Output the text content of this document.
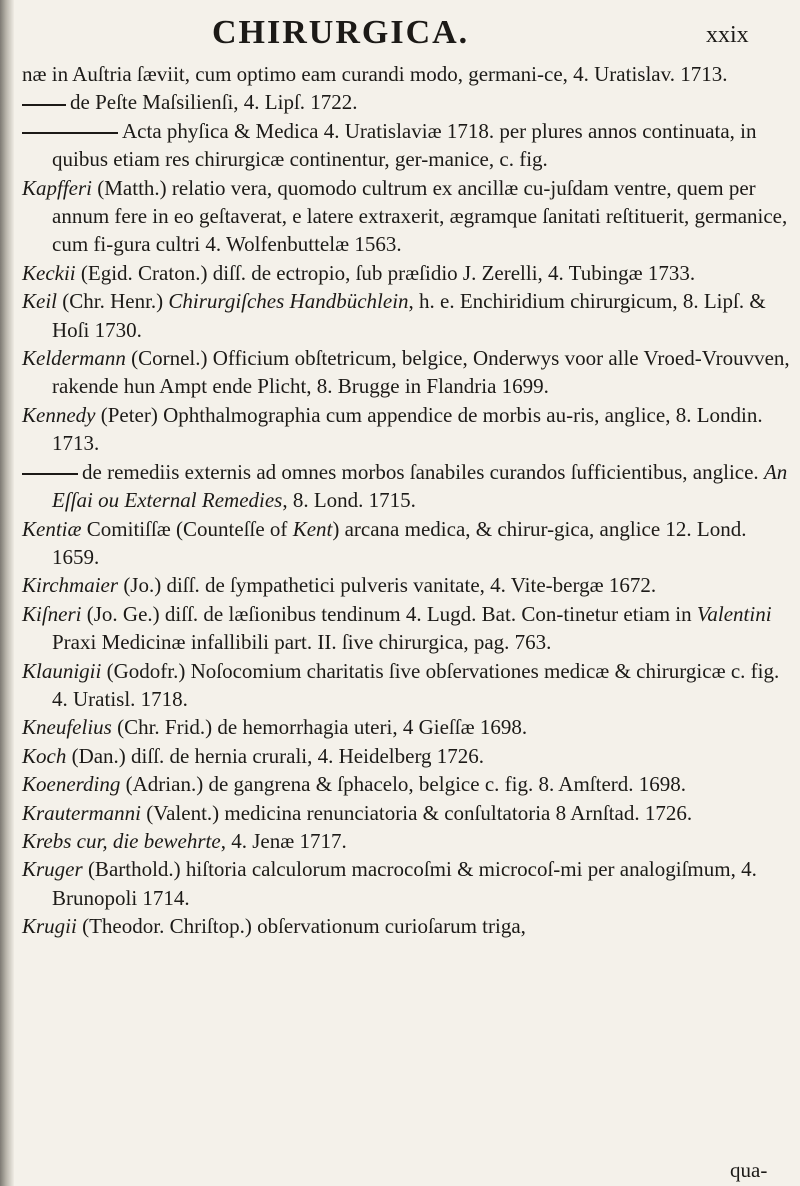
CHIRURGICA.	xxix

næ in Auſtria ſæviit, cum optimo eam curandi modo, germani-ce, 4. Uratislav. 1713.

de Peſte Maſsilienſi, 4. Lipſ. 1722.

Acta phyſica & Medica 4. Uratislaviæ 1718. per plures annos continuata, in quibus etiam res chirurgicæ continentur, ger-manice, c. fig.

Kapfferi (Matth.) relatio vera, quomodo cultrum ex ancillæ cu-juſdam ventre, quem per annum fere in eo geſtaverat, e latere extraxerit, ægramque ſanitati reſtituerit, germanice, cum fi-gura cultri 4. Wolfenbuttelæ 1563.

Keckii (Egid. Craton.) diſſ. de ectropio, ſub præſidio J. Zerelli, 4. Tubingæ 1733.

Keil (Chr. Henr.) Chirurgiſches Handbüchlein, h. e. Enchiridium chirurgicum, 8. Lipſ. & Hoſi 1730.

Keldermann (Cornel.) Officium obſtetricum, belgice, Onderwys voor alle Vroed-Vrouvven, rakende hun Ampt ende Plicht, 8. Brugge in Flandria 1699.

Kennedy (Peter) Ophthalmographia cum appendice de morbis au-ris, anglice, 8. Londin. 1713.

de remediis externis ad omnes morbos ſanabiles curandos ſufficientibus, anglice. An Eſſai ou External Remedies, 8. Lond. 1715.

Kentiæ Comitiſſæ (Counteſſe of Kent) arcana medica, & chirur-gica, anglice 12. Lond. 1659.

Kirchmaier (Jo.) diſſ. de ſympathetici pulveris vanitate, 4. Vite-bergæ 1672.

Kiſneri (Jo. Ge.) diſſ. de læſionibus tendinum 4. Lugd. Bat. Con-tinetur etiam in Valentini Praxi Medicinæ infallibili part. II. ſive chirurgica, pag. 763.

Klaunigii (Godofr.) Noſocomium charitatis ſive obſervationes medicæ & chirurgicæ c. fig. 4. Uratisl. 1718.

Kneufelius (Chr. Frid.) de hemorrhagia uteri, 4 Gieſſæ 1698.

Koch (Dan.) diſſ. de hernia crurali, 4. Heidelberg 1726.

Koenerding (Adrian.) de gangrena & ſphacelo, belgice c. fig. 8. Amſterd. 1698.

Krautermanni (Valent.) medicina renunciatoria & conſultatoria 8 Arnſtad. 1726.

Krebs cur, die bewehrte, 4. Jenæ 1717.

Kruger (Barthold.) hiſtoria calculorum macrocoſmi & microcoſ-mi per analogiſmum, 4. Brunopoli 1714.

Krugii (Theodor. Chriſtop.) obſervationum curioſarum triga,

qua-
